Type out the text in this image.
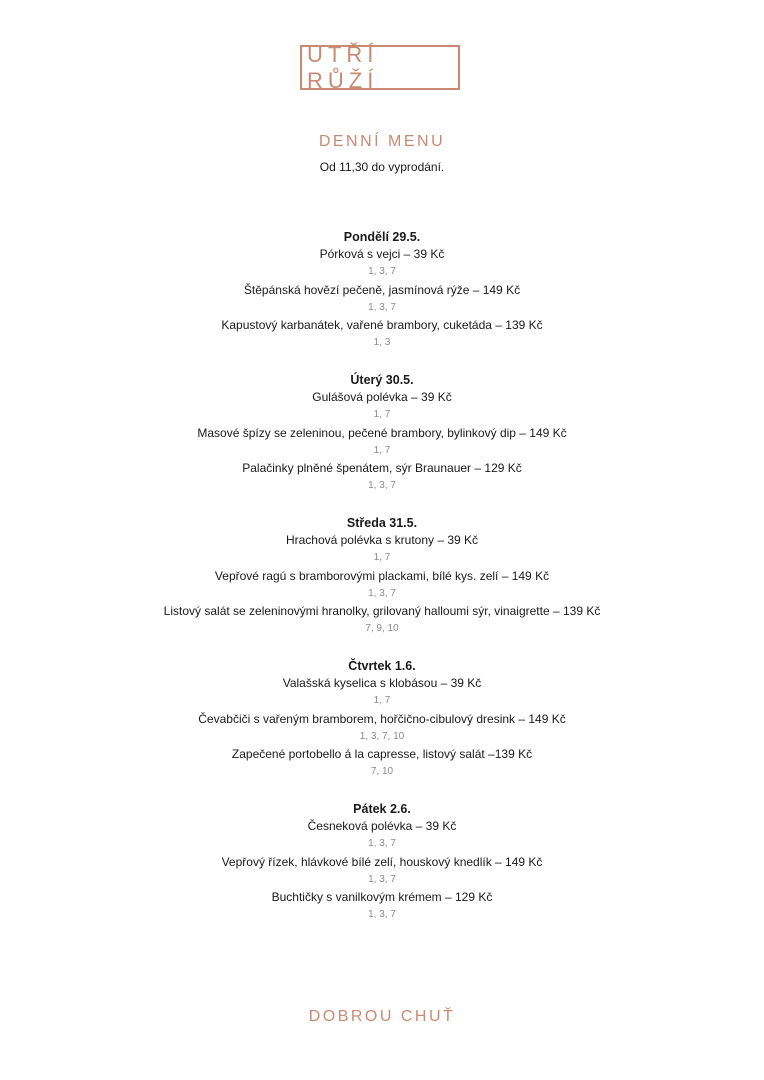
UTŘÍ RŮŽÍ
DENNÍ MENU
Od 11,30 do vyprodání.
Pondělí 29.5.
Pórková s vejci – 39 Kč
1, 3, 7
Štěpánská hovězí pečeně, jasmínová rýže – 149 Kč
1, 3, 7
Kapustový karbanátek, vařené brambory, cuketáda – 139 Kč
1, 3
Úterý 30.5.
Gulášová polévka – 39 Kč
1, 7
Masové špízy se zeleninou, pečené brambory, bylinkový dip – 149 Kč
1, 7
Palačinky plněné špenátem, sýr Braunauer – 129 Kč
1, 3, 7
Středa 31.5.
Hrachová polévka s krutony – 39 Kč
1, 7
Vepřové ragú s bramborovými plackami, bílé kys. zelí – 149 Kč
1, 3, 7
Listový salát se zeleninovými hranolky, grilovaný halloumi sýr, vinaigrette – 139 Kč
7, 9, 10
Čtvrtek 1.6.
Valašská kyselica s klobásou – 39 Kč
1, 7
Čevabčiči s vařeným bramborem, hořčično-cibulový dresink – 149 Kč
1, 3, 7, 10
Zapečené portobello á la capresse, listový salát –139 Kč
7, 10
Pátek 2.6.
Česneková polévka – 39 Kč
1, 3, 7
Vepřový řízek, hlávkové bílé zelí, houskový knedlík – 149 Kč
1, 3, 7
Buchtičky s vanilkovým krémem – 129 Kč
1, 3, 7
DOBROU CHUŤ
